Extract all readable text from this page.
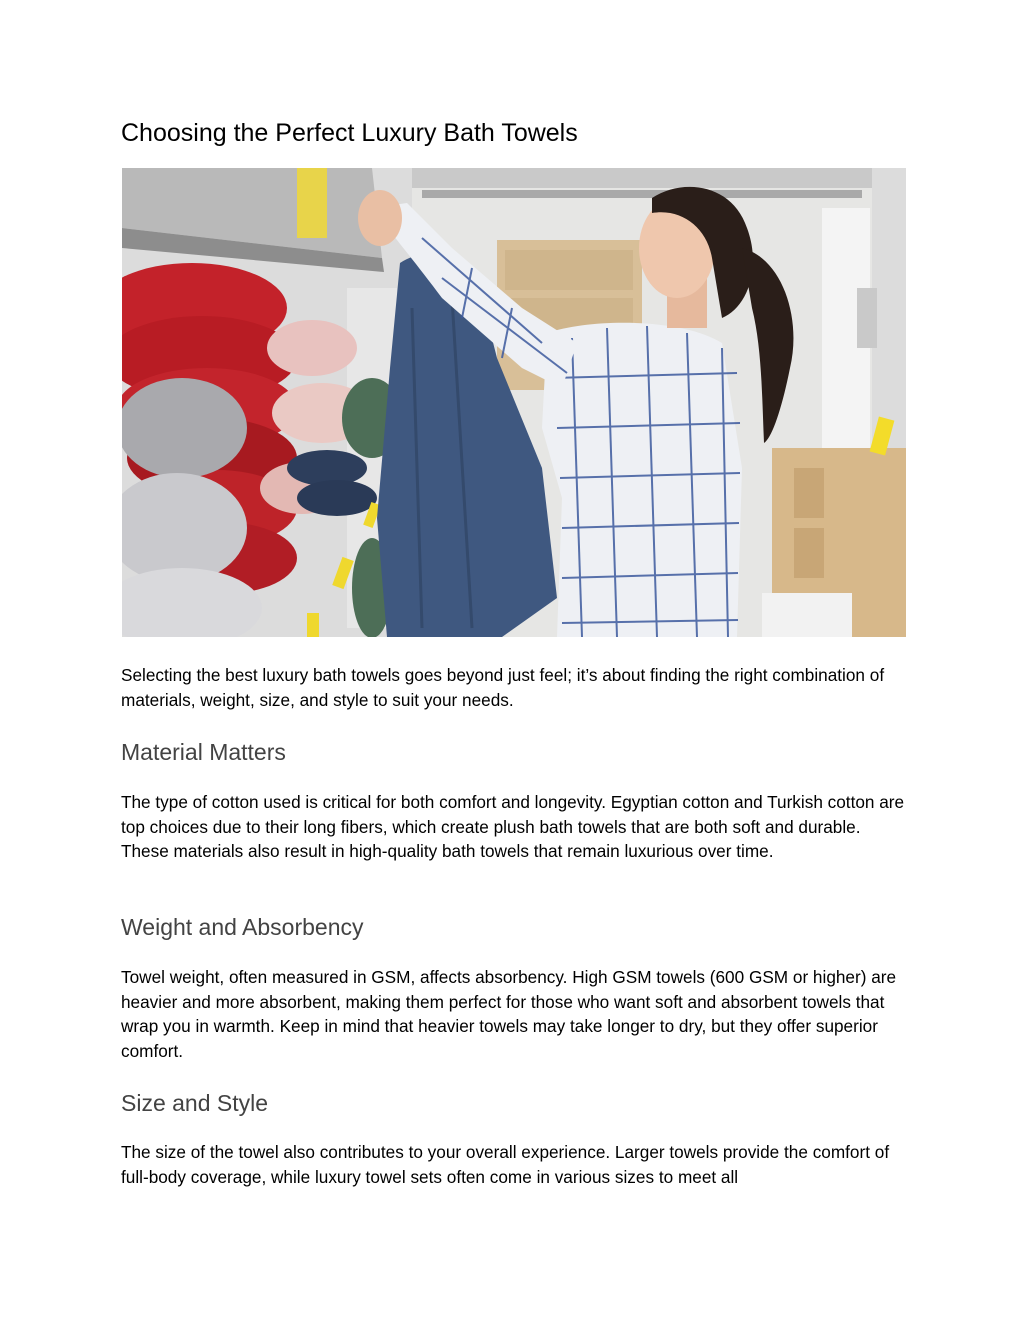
Choosing the Perfect Luxury Bath Towels

Selecting the best luxury bath towels goes beyond just feel; it’s about finding the right combination of materials, weight, size, and style to suit your needs.

Material Matters

The type of cotton used is critical for both comfort and longevity. Egyptian cotton and Turkish cotton are top choices due to their long fibers, which create plush bath towels that are both soft and durable. These materials also result in high-quality bath towels that remain luxurious over time.

Weight and Absorbency

Towel weight, often measured in GSM, affects absorbency. High GSM towels (600 GSM or higher) are heavier and more absorbent, making them perfect for those who want soft and absorbent towels that wrap you in warmth. Keep in mind that heavier towels may take longer to dry, but they offer superior comfort.

Size and Style

The size of the towel also contributes to your overall experience. Larger towels provide the comfort of full-body coverage, while luxury towel sets often come in various sizes to meet all
